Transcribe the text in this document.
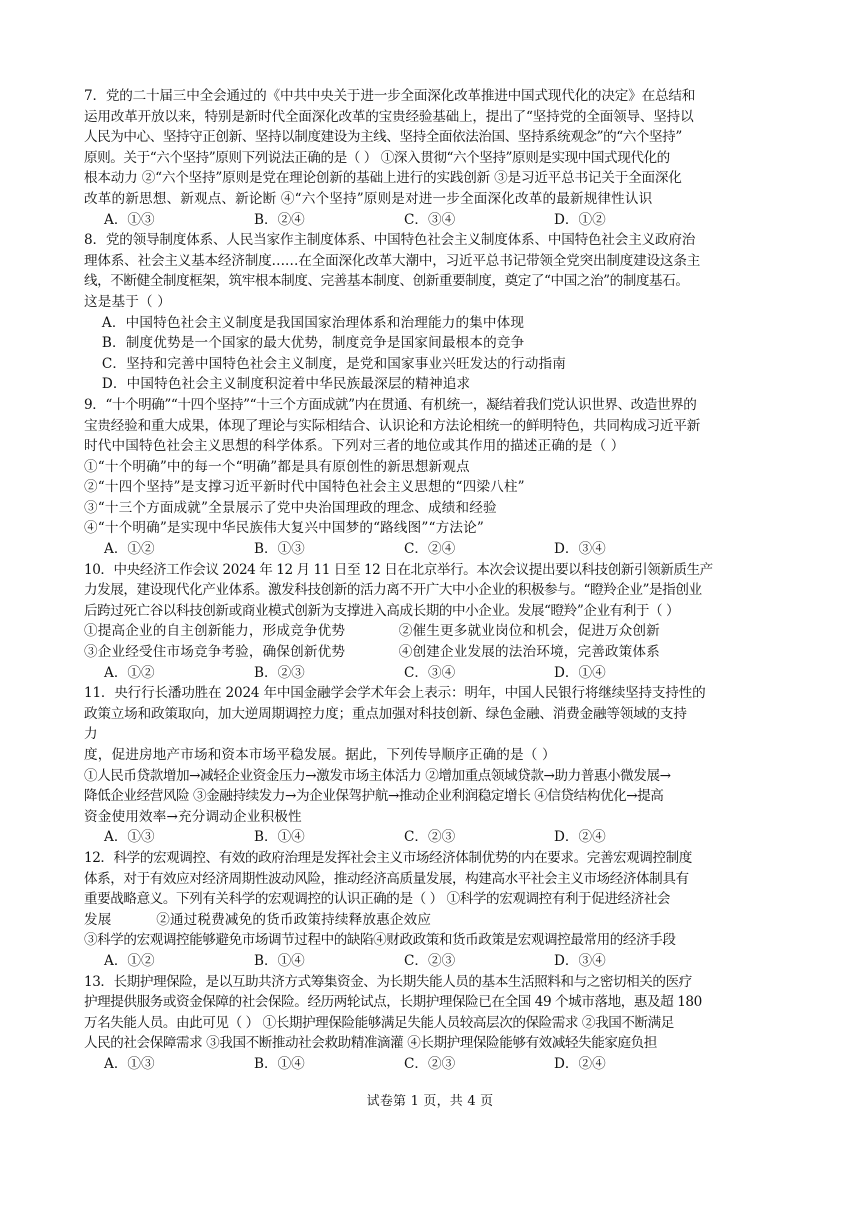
7．党的二十届三中全会通过的《中共中央关于进一步全面深化改革推进中国式现代化的决定》在总结和
运用改革开放以来，特别是新时代全面深化改革的宝贵经验基础上，提出了“坚持党的全面领导、坚持以
人民为中心、坚持守正创新、坚持以制度建设为主线、坚持全面依法治国、坚持系统观念”的“六个坚持”
原则。关于“六个坚持”原则下列说法正确的是（ ） ①深入贯彻“六个坚持”原则是实现中国式现代化的
根本动力 ②“六个坚持”原则是党在理论创新的基础上进行的实践创新 ③是习近平总书记关于全面深化
改革的新思想、新观点、新论断 ④“六个坚持”原则是对进一步全面深化改革的最新规律性认识
A．①③	B．②④	C．③④	D．①②
8．党的领导制度体系、人民当家作主制度体系、中国特色社会主义制度体系、中国特色社会主义政府治
理体系、社会主义基本经济制度……在全面深化改革大潮中，习近平总书记带领全党突出制度建设这条主
线，不断健全制度框架，筑牢根本制度、完善基本制度、创新重要制度，奠定了“中国之治”的制度基石。
这是基于（ ）
A．中国特色社会主义制度是我国国家治理体系和治理能力的集中体现
B．制度优势是一个国家的最大优势，制度竞争是国家间最根本的竞争
C．坚持和完善中国特色社会主义制度，是党和国家事业兴旺发达的行动指南
D．中国特色社会主义制度积淀着中华民族最深层的精神追求
9．“十个明确”“十四个坚持”“十三个方面成就”内在贯通、有机统一，凝结着我们党认识世界、改造世界的
宝贵经验和重大成果，体现了理论与实际相结合、认识论和方法论相统一的鲜明特色，共同构成习近平新
时代中国特色社会主义思想的科学体系。下列对三者的地位或其作用的描述正确的是（ ）
①“十个明确”中的每一个“明确”都是具有原创性的新思想新观点
②“十四个坚持”是支撑习近平新时代中国特色社会主义思想的“四梁八柱”
③“十三个方面成就”全景展示了党中央治国理政的理念、成绩和经验
④“十个明确”是实现中华民族伟大复兴中国梦的“路线图”“方法论”
A．①②	B．①③	C．②④	D．③④
10．中央经济工作会议 2024 年 12 月 11 日至 12 日在北京举行。本次会议提出要以科技创新引领新质生产
力发展，建设现代化产业体系。激发科技创新的活力离不开广大中小企业的积极参与。“瞪羚企业”是指创业
后跨过死亡谷以科技创新或商业模式创新为支撑进入高成长期的中小企业。发展“瞪羚”企业有利于（ ）
①提高企业的自主创新能力，形成竞争优势            ②催生更多就业岗位和机会，促进万众创新
③企业经受住市场竞争考验，确保创新优势            ④创建企业发展的法治环境，完善政策体系
A．①②	B．②③	C．③④	D．①④
11．央行行长潘功胜在 2024 年中国金融学会学术年会上表示：明年，中国人民银行将继续坚持支持性的
政策立场和政策取向，加大逆周期调控力度；重点加强对科技创新、绿色金融、消费金融等领域的支持
力
度，促进房地产市场和资本市场平稳发展。据此，下列传导顺序正确的是（ ）
①人民币贷款增加→减轻企业资金压力→激发市场主体活力 ②增加重点领域贷款→助力普惠小微发展→
降低企业经营风险 ③金融持续发力→为企业保驾护航→推动企业利润稳定增长 ④信贷结构优化→提高
资金使用效率→充分调动企业积极性
A．①③	B．①④	C．②③	D．②④
12．科学的宏观调控、有效的政府治理是发挥社会主义市场经济体制优势的内在要求。完善宏观调控制度
体系，对于有效应对经济周期性波动风险，推动经济高质量发展，构建高水平社会主义市场经济体制具有
重要战略意义。下列有关科学的宏观调控的认识正确的是（ ） ①科学的宏观调控有利于促进经济社会
发展          ②通过税费减免的货币政策持续释放惠企效应
③科学的宏观调控能够避免市场调节过程中的缺陷④财政政策和货币政策是宏观调控最常用的经济手段
A．①②	B．①④	C．②③	D．③④
13．长期护理保险，是以互助共济方式筹集资金、为长期失能人员的基本生活照料和与之密切相关的医疗
护理提供服务或资金保障的社会保险。经历两轮试点，长期护理保险已在全国 49 个城市落地，惠及超 180
万名失能人员。由此可见（ ） ①长期护理保险能够满足失能人员较高层次的保险需求 ②我国不断满足
人民的社会保障需求 ③我国不断推动社会救助精准滴灌 ④长期护理保险能够有效减轻失能家庭负担
A．①③	B．①④	C．②③	D．②④
试卷第 1 页，共 4 页
